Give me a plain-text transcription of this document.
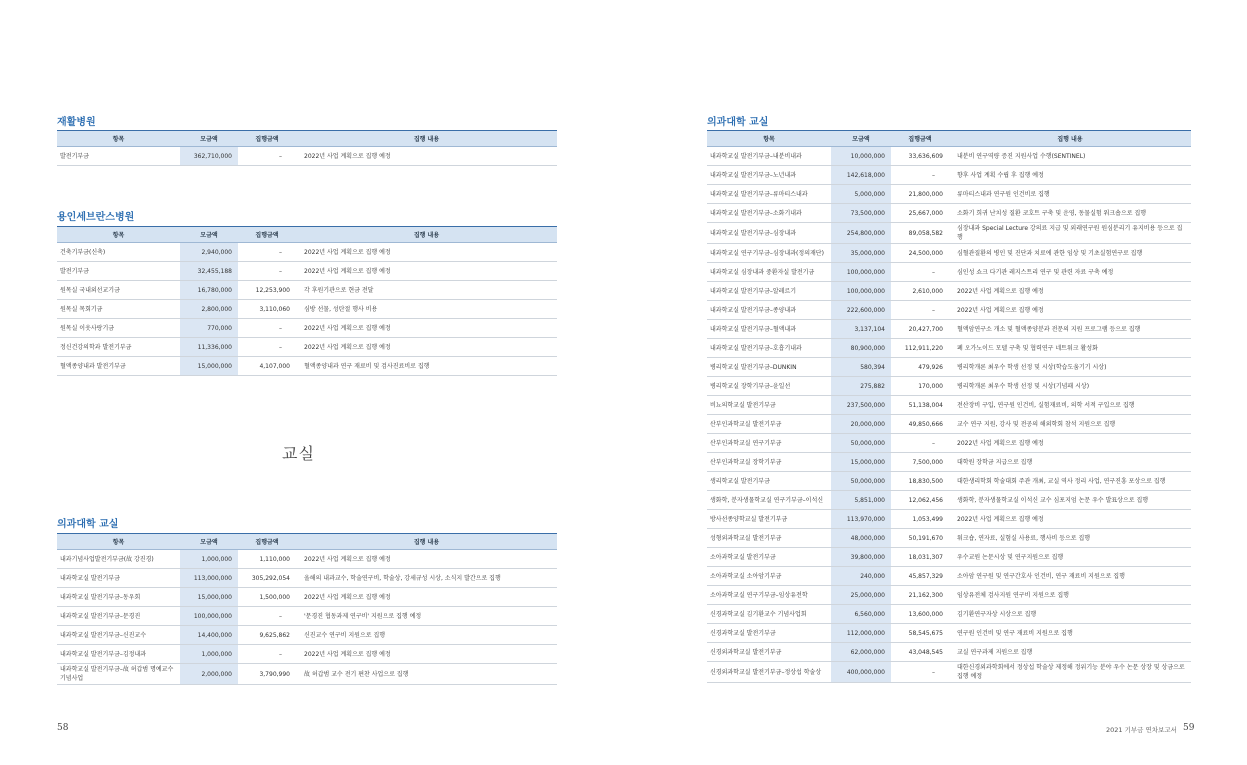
재활병원
항목	모금액	집행금액	집행 내용
발전기부금	362,710,000	–	2022년 사업 계획으로 집행 예정
용인세브란스병원
항목	모금액	집행금액	집행 내용
건축기부금(신축)	2,940,000	–	2022년 사업 계획으로 집행 예정
발전기부금	32,455,188	–	2022년 사업 계획으로 집행 예정
원목실 국내외선교기금	16,780,000	12,253,900	각 후원기관으로 현금 전달
원목실 목회기금	2,800,000	3,110,060	심방 선물, 성탄절 행사 비용
원목실 이웃사랑기금	770,000	–	2022년 사업 계획으로 집행 예정
정신건강의학과 발전기부금	11,336,000	–	2022년 사업 계획으로 집행 예정
혈액종양내과 발전기부금	15,000,000	4,107,000	혈액종양내과 연구 재료비 및 검사진료비로 집행
교실
의과대학 교실
항목	모금액	집행금액	집행 내용
내과기념사업발전기부금(故 강진경)	1,000,000	1,110,000	2022년 사업 계획으로 집행 예정
내과학교실 발전기부금	113,000,000	305,292,054	올해의 내과교수, 학술연구비, 학술상, 강세규성 시상, 소식지 발간으로 집행
내과학교실 발전기부금–동우회	15,000,000	1,500,000	2022년 사업 계획으로 집행 예정
내과학교실 발전기부금–문경진	100,000,000	–	'문경진 협동과제 연구비' 지원으로 집행 예정
내과학교실 발전기부금–신진교수	14,400,000	9,625,862	신진교수 연구비 지원으로 집행
내과학교실 발전기부금–김정내과	1,000,000	–	2022년 사업 계획으로 집행 예정
내과학교실 발전기부금–故 허갑범 명예교수 기념사업	2,000,000	3,790,990	故 허갑범 교수 전기 편찬 사업으로 집행
58
의과대학 교실
항목	모금액	집행금액	집행 내용
내과학교실 발전기부금–내분비내과	10,000,000	33,636,609	내분비 연구역량 증진 지원사업 수행(SENTINEL)
내과학교실 발전기부금–노년내과	142,618,000	–	향후 사업 계획 수립 후 집행 예정
내과학교실 발전기부금–류마티스내과	5,000,000	21,800,000	류마티스내과 연구원 인건비로 집행
내과학교실 발전기부금–소화기내과	73,500,000	25,667,000	소화기 희귀 난치성 질환 코호트 구축 및 운영, 동물실험 워크숍으로 집행
내과학교실 발전기부금–심장내과	254,800,000	89,058,582	심장내과 Special Lecture 강의료 지급 및 외래연구원 원심분리기 유지비용 등으로 집행
내과학교실 연구기부금–심장내과(정의재단)	35,000,000	24,500,000	심혈관질환의 병인 및 진단과 치료에 관한 임상 및 기초실험연구로 집행
내과학교실 심장내과 중환자실 발전기금	100,000,000	–	심인성 쇼크 다기관 레지스트리 연구 및 관련 자료 구축 예정
내과학교실 발전기부금–알레르기	100,000,000	2,610,000	2022년 사업 계획으로 집행 예정
내과학교실 발전기부금–종양내과	222,600,000	–	2022년 사업 계획으로 집행 예정
내과학교실 발전기부금–혈액내과	3,137,104	20,427,700	혈액암연구소 개소 및 혈액종양분과 전문의 지원 프로그램 등으로 집행
내과학교실 발전기부금–호흡기내과	80,900,000	112,911,220	폐 오가노이드 모델 구축 및 협력연구 네트워크 활성화
병리학교실 발전기부금–DUNKIN	580,394	479,926	병리학개론 최우수 학생 선정 및 시상(학습도움기기 시상)
병리학교실 장학기부금–윤일선	275,882	170,000	병리학개론 최우수 학생 선정 및 시상(기념패 시상)
비뇨의학교실 발전기부금	237,500,000	51,138,004	전산장비 구입, 연구원 인건비, 실험재료비, 의학 서적 구입으로 집행
산부인과학교실 발전기부금	20,000,000	49,850,666	교수 연구 지원, 강사 및 전공의 해외학회 참석 지원으로 집행
산부인과학교실 연구기부금	50,000,000	–	2022년 사업 계획으로 집행 예정
산부인과학교실 장학기부금	15,000,000	7,500,000	대학원 장학금 지급으로 집행
생리학교실 발전기부금	50,000,000	18,830,500	대한생리학회 학술대회 주관 개최, 교실 역사 정리 사업, 연구진흥 포상으로 집행
생화학, 분자생물학교실 연구기부금–이석신	5,851,000	12,062,456	생화학, 분자생물학교실 이석신 교수 심포지엄 논문 우수 발표상으로 집행
방사선종양학교실 발전기부금	113,970,000	1,053,499	2022년 사업 계획으로 집행 예정
성형외과학교실 발전기부금	48,000,000	50,191,670	워크숍, 연자료, 실험실 사용료, 행사비 등으로 집행
소아과학교실 발전기부금	39,800,000	18,031,307	우수교원 논문시상 및 연구지원으로 집행
소아과학교실 소아암기부금	240,000	45,857,329	소아암 연구원 및 연구간호사 인건비, 연구 재료비 지원으로 집행
소아과학교실 연구기부금–임상유전학	25,000,000	21,162,300	임상유전체 검사지원 연구비 지원으로 집행
신경과학교실 김기환교수 기념사업회	6,560,000	13,600,000	김기환연구자상 시상으로 집행
신경과학교실 발전기부금	112,000,000	58,545,675	연구원 인건비 및 연구 재료비 지원으로 집행
신경외과학교실 발전기부금	62,000,000	43,048,545	교실 연구과제 지원으로 집행
신경외과학교실 발전기부금–정상섭 학술상	400,000,000	–	대한신경외과학회에서 정상섭 학술상 제정해 정위기능 분야 우수 논문 상장 및 상금으로 집행 예정
2021 기부금 연차보고서 59
